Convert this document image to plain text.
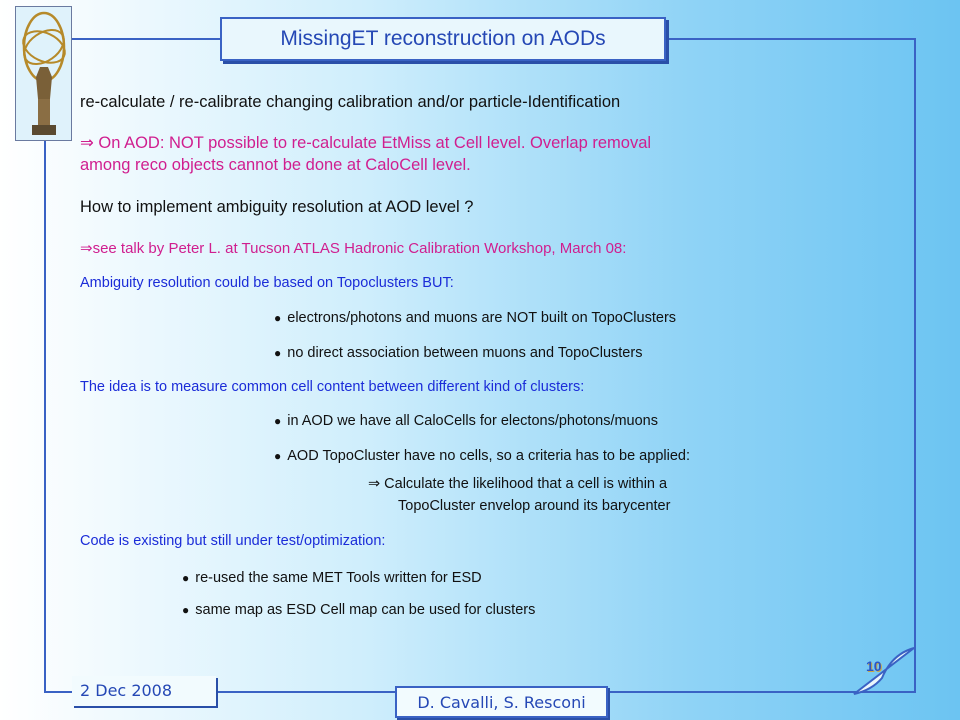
MissingET reconstruction on AODs
re-calculate / re-calibrate changing calibration and/or particle-Identification
⇒ On AOD: NOT possible to re-calculate EtMiss at Cell level. Overlap removal
among reco objects cannot be done at CaloCell level.
How to implement ambiguity resolution at AOD level ?
⇒see talk by Peter L. at Tucson ATLAS Hadronic Calibration Workshop, March 08:
Ambiguity resolution could be based on Topoclusters BUT:
● electrons/photons and muons are NOT built on TopoClusters
● no direct association between muons and TopoClusters
The idea is to measure common cell content between different kind of clusters:
● in AOD we have all CaloCells for electons/photons/muons
● AOD TopoCluster have no cells, so a criteria has to be applied:
⇒ Calculate the likelihood that a cell is within a
TopoCluster envelop around its barycenter
Code is existing but still under test/optimization:
● re-used the same MET Tools written for ESD
● same map as ESD Cell map can be used for clusters
10
2 Dec 2008
D. Cavalli, S. Resconi
